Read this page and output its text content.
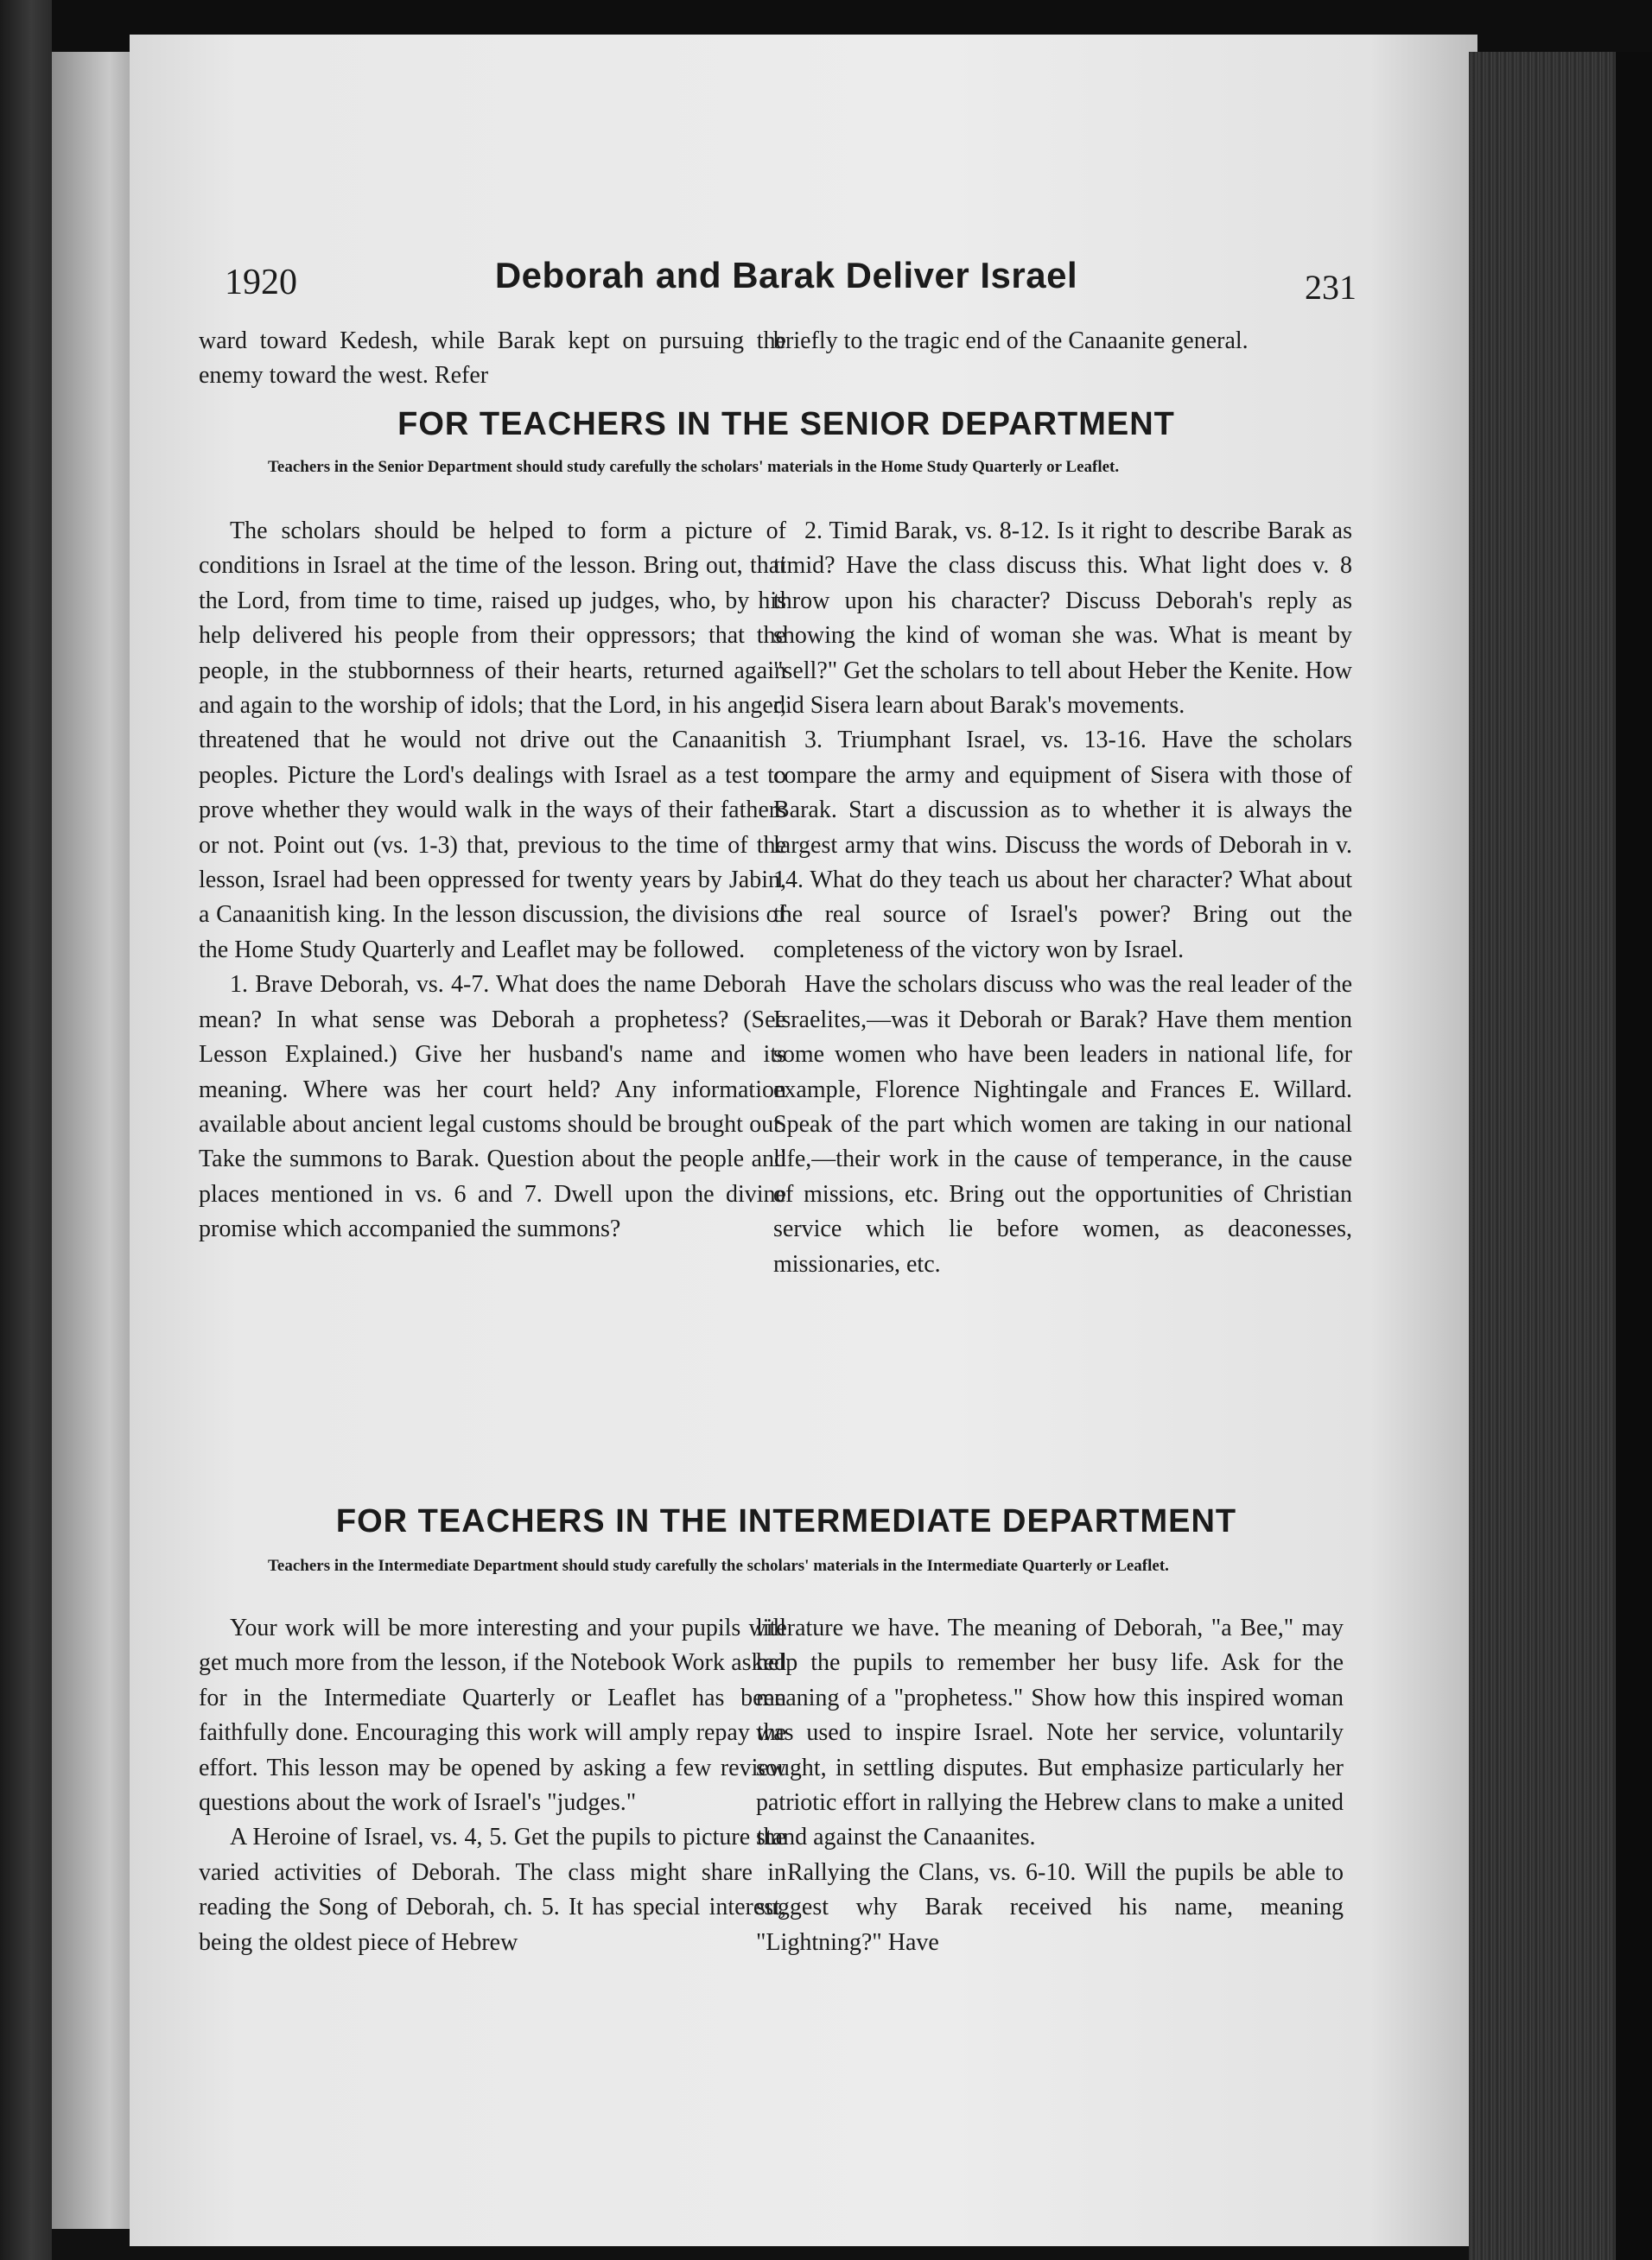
1920	Deborah and Barak Deliver Israel	231

ward toward Kedesh, while Barak kept on pursuing the enemy toward the west. Refer

briefly to the tragic end of the Canaanite general.

FOR TEACHERS IN THE SENIOR DEPARTMENT
Teachers in the Senior Department should study carefully the scholars' materials in the Home Study Quarterly or Leaflet.

The scholars should be helped to form a picture of conditions in Israel at the time of the lesson. Bring out, that the Lord, from time to time, raised up judges, who, by his help delivered his people from their oppressors; that the people, in the stubbornness of their hearts, returned again and again to the worship of idols; that the Lord, in his anger, threatened that he would not drive out the Canaanitish peoples. Picture the Lord's dealings with Israel as a test to prove whether they would walk in the ways of their fathers or not. Point out (vs. 1-3) that, previous to the time of the lesson, Israel had been oppressed for twenty years by Jabin, a Canaanitish king. In the lesson discussion, the divisions of the Home Study Quarterly and Leaflet may be followed.

1. Brave Deborah, vs. 4-7. What does the name Deborah mean? In what sense was Deborah a prophetess? (See Lesson Explained.) Give her husband's name and its meaning. Where was her court held? Any information available about ancient legal customs should be brought out. Take the summons to Barak. Question about the people and places mentioned in vs. 6 and 7. Dwell upon the divine promise which accompanied the summons?

2. Timid Barak, vs. 8-12. Is it right to describe Barak as timid? Have the class discuss this. What light does v. 8 throw upon his character? Discuss Deborah's reply as showing the kind of woman she was. What is meant by "sell?" Get the scholars to tell about Heber the Kenite. How did Sisera learn about Barak's movements.

3. Triumphant Israel, vs. 13-16. Have the scholars compare the army and equipment of Sisera with those of Barak. Start a discussion as to whether it is always the largest army that wins. Discuss the words of Deborah in v. 14. What do they teach us about her character? What about the real source of Israel's power? Bring out the completeness of the victory won by Israel.

Have the scholars discuss who was the real leader of the Israelites,—was it Deborah or Barak? Have them mention some women who have been leaders in national life, for example, Florence Nightingale and Frances E. Willard. Speak of the part which women are taking in our national life,—their work in the cause of temperance, in the cause of missions, etc. Bring out the opportunities of Christian service which lie before women, as deaconesses, missionaries, etc.

FOR TEACHERS IN THE INTERMEDIATE DEPARTMENT
Teachers in the Intermediate Department should study carefully the scholars' materials in the Intermediate Quarterly or Leaflet.

Your work will be more interesting and your pupils will get much more from the lesson, if the Notebook Work asked for in the Intermediate Quarterly or Leaflet has been faithfully done. Encouraging this work will amply repay the effort. This lesson may be opened by asking a few review questions about the work of Israel's "judges."

A Heroine of Israel, vs. 4, 5. Get the pupils to picture the varied activities of Deborah. The class might share in reading the Song of Deborah, ch. 5. It has special interest, being the oldest piece of Hebrew

literature we have. The meaning of Deborah, "a Bee," may help the pupils to remember her busy life. Ask for the meaning of a "prophetess." Show how this inspired woman was used to inspire Israel. Note her service, voluntarily sought, in settling disputes. But emphasize particularly her patriotic effort in rallying the Hebrew clans to make a united stand against the Canaanites.

Rallying the Clans, vs. 6-10. Will the pupils be able to suggest why Barak received his name, meaning "Lightning?" Have
